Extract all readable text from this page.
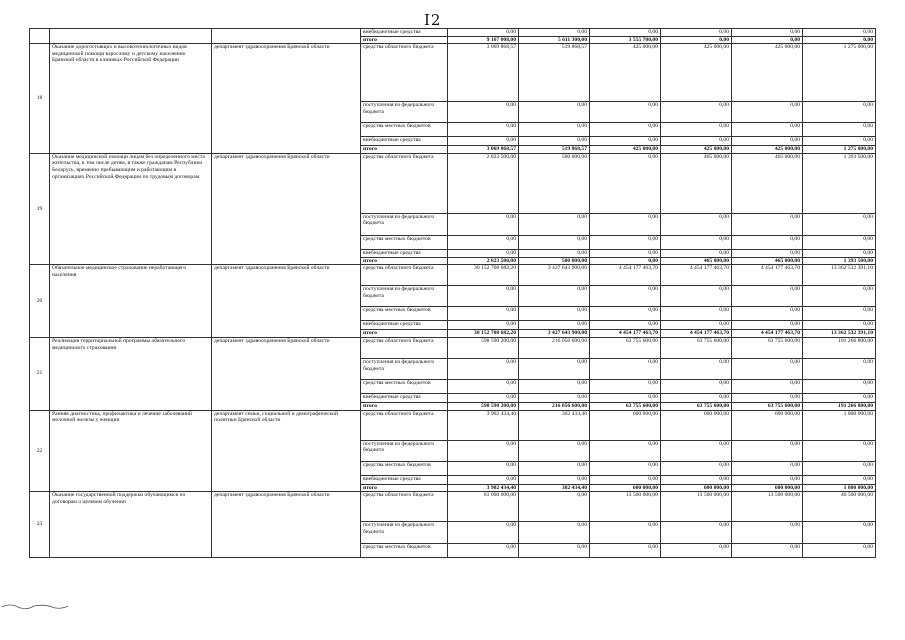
I2
			внебюджетные средства	0,00	0,00	0,00	0,00	0,00	0,00
			итого	9 167 008,00	5 611 300,00	3 555 700,00	0,00	0,00	0,00
18	Оказание дорогостоящих и высокотехнологичных видов медицинской помощи взрослому и детскому населению Брянской области в клиниках Российской Федерации	департамент здравоохранения Брянской области	средства областного бюджета	3 069 868,57	519 868,57	425 000,00	425 000,00	425 000,00	1 275 000,00
			поступления из федерального бюджета	0,00	0,00	0,00	0,00	0,00	0,00
			средства местных бюджетов	0,00	0,00	0,00	0,00	0,00	0,00
			внебюджетные средства	0,00	0,00	0,00	0,00	0,00	0,00
			итого	3 069 868,57	519 868,57	425 000,00	425 000,00	425 000,00	1 275 000,00
19	Оказание медицинской помощи лицам без определенного места жительства, в том числе детям, в также гражданам Республики Беларусь, временно пребывающим и работающим в организациях Российской Федерации по трудовым договорам	департамент здравоохранения Брянской области	средства областного бюджета	2 823 500,00	500 000,00	0,00	465 000,00	465 000,00	1 393 500,00
			поступления из федерального бюджета	0,00	0,00	0,00	0,00	0,00	0,00
			средства местных бюджетов	0,00	0,00	0,00	0,00	0,00	0,00
			внебюджетные средства	0,00	0,00	0,00	0,00	0,00	0,00
			итого	2 823 500,00	500 000,00	0,00	465 000,00	465 000,00	1 393 500,00
20	Обязательное медицинское страхование неработающего населения	департамент здравоохранения Брянской области	средства областного бюджета	30 152 708 682,20	3 427 643 900,00	4 454 177 463,70	4 454 177 463,70	4 454 177 463,70	13 362 532 391,10
			поступления из федерального бюджета	0,00	0,00	0,00	0,00	0,00	0,00
			средства местных бюджетов	0,00	0,00	0,00	0,00	0,00	0,00
			внебюджетные средства	0,00	0,00	0,00	0,00	0,00	0,00
			итого	30 152 708 682,20	3 427 643 900,00	4 454 177 463,70	4 454 177 463,70	4 454 177 463,70	13 362 532 391,10
21	Реализация территориальной программы обязательного медицинского страхования	департамент здравоохранения Брянской области	средства областного бюджета	598 590 200,00	216 056 600,00	63 755 600,00	63 755 600,00	63 755 600,00	191 266 800,00
			поступления из федерального бюджета	0,00	0,00	0,00	0,00	0,00	0,00
			средства местных бюджетов	0,00	0,00	0,00	0,00	0,00	0,00
			внебюджетные средства	0,00	0,00	0,00	0,00	0,00	0,00
			итого	598 590 200,00	216 056 600,00	63 755 600,00	63 755 600,00	63 755 600,00	191 266 800,00
22	Ранняя диагностика, профилактика и лечение заболеваний молочной железы у женщин	департамент семьи, социальной и демографической политики Брянской области	средства областного бюджета	3 902 434,40	302 434,40	600 000,00	600 000,00	600 000,00	1 800 000,00
			поступления из федерального бюджета	0,00	0,00	0,00	0,00	0,00	0,00
			средства местных бюджетов	0,00	0,00	0,00	0,00	0,00	0,00
			внебюджетные средства	0,00	0,00	0,00	0,00	0,00	0,00
			итого	3 902 434,40	302 434,40	600 000,00	600 000,00	600 000,00	1 800 000,00
23	Оказание государственной поддержки обучающимся по договорам о целевом обучении	департамент здравоохранения Брянской области	средства областного бюджета	81 000 000,00	0,00	13 500 000,00	13 500 000,00	13 500 000,00	40 500 000,00
			поступления из федерального бюджета	0,00	0,00	0,00	0,00	0,00	0,00
			средства местных бюджетов	0,00	0,00	0,00	0,00	0,00	0,00
